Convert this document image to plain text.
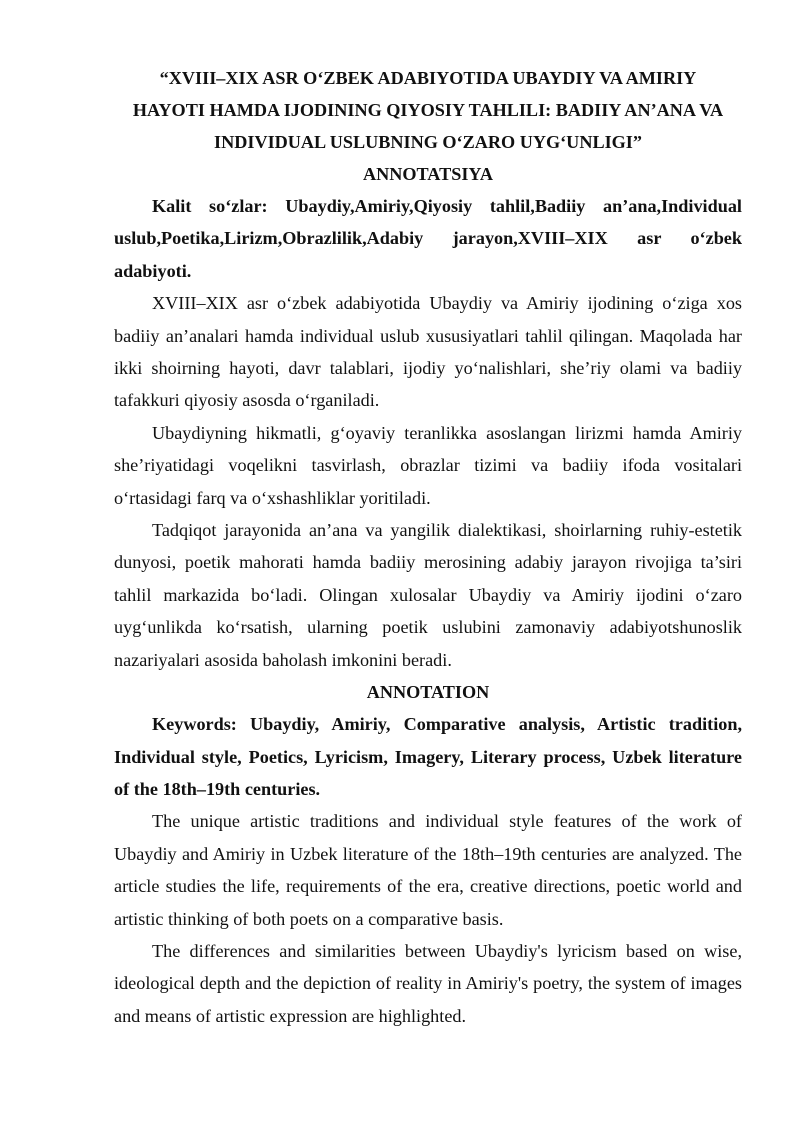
“XVIII–XIX ASR O‘ZBEK ADABIYOTIDA UBAYDIY VA AMIRIY
HAYOTI HAMDA IJODINING QIYOSIY TAHLILI: BADIIY AN’ANA VA
INDIVIDUAL USLUBNING O‘ZARO UYG‘UNLIGI”
ANNOTATSIYA

Kalit so‘zlar: Ubaydiy,Amiriy,Qiyosiy tahlil,Badiiy an’ana,Individual uslub,Poetika,Lirizm,Obrazlilik,Adabiy jarayon,XVIII–XIX asr o‘zbek adabiyoti.

XVIII–XIX asr o‘zbek adabiyotida Ubaydiy va Amiriy ijodining o‘ziga xos badiiy an’analari hamda individual uslub xususiyatlari tahlil qilingan. Maqolada har ikki shoirning hayoti, davr talablari, ijodiy yo‘nalishlari, she’riy olami va badiiy tafakkuri qiyosiy asosda o‘rganiladi.

Ubaydiyning hikmatli, g‘oyaviy teranlikka asoslangan lirizmi hamda Amiriy she’riyatidagi voqelikni tasvirlash, obrazlar tizimi va badiiy ifoda vositalari o‘rtasidagi farq va o‘xshashliklar yoritiladi.

Tadqiqot jarayonida an’ana va yangilik dialektikasi, shoirlarning ruhiy-estetik dunyosi, poetik mahorati hamda badiiy merosining adabiy jarayon rivojiga ta’siri tahlil markazida bo‘ladi. Olingan xulosalar Ubaydiy va Amiriy ijodini o‘zaro uyg‘unlikda ko‘rsatish, ularning poetik uslubini zamonaviy adabiyotshunoslik nazariyalari asosida baholash imkonini beradi.

ANNOTATION

Keywords: Ubaydiy, Amiriy, Comparative analysis, Artistic tradition, Individual style, Poetics, Lyricism, Imagery, Literary process, Uzbek literature of the 18th–19th centuries.

The unique artistic traditions and individual style features of the work of Ubaydiy and Amiriy in Uzbek literature of the 18th–19th centuries are analyzed. The article studies the life, requirements of the era, creative directions, poetic world and artistic thinking of both poets on a comparative basis.

The differences and similarities between Ubaydiy's lyricism based on wise, ideological depth and the depiction of reality in Amiriy's poetry, the system of images and means of artistic expression are highlighted.
